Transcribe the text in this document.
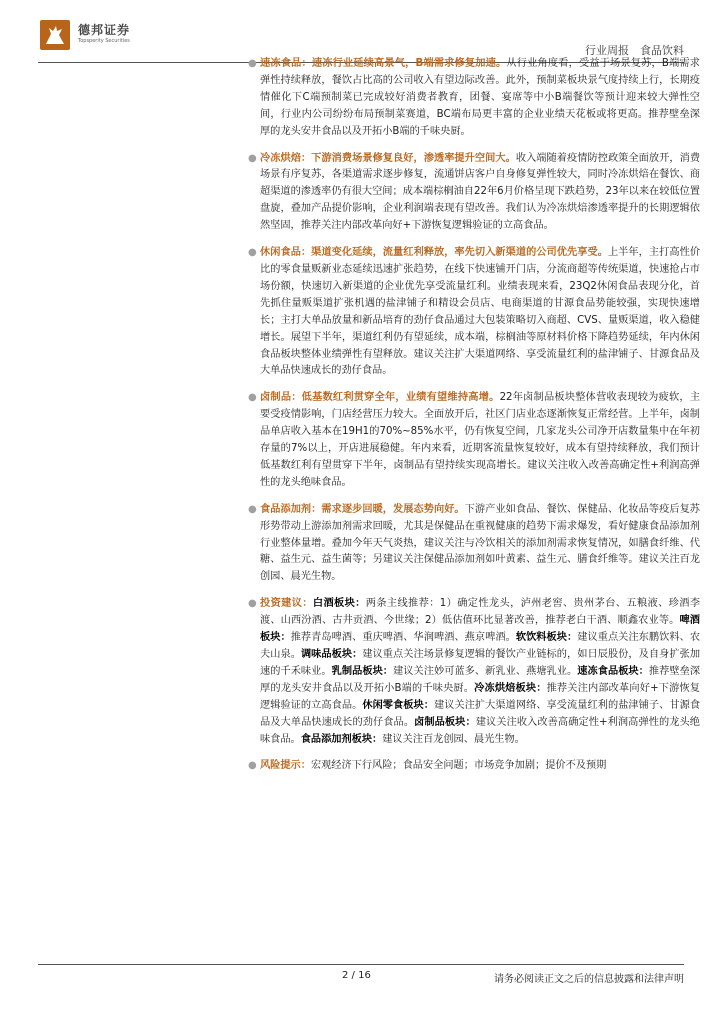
德邦证券
Topsperity Securities
行业周报　食品饮料
● 速冻食品：速冻行业延续高景气，B端需求修复加速。从行业角度看，受益于场景复苏，B端需求弹性持续释放，餐饮占比高的公司收入有望边际改善。此外，预制菜板块景气度持续上行，长期疫情催化下C端预制菜已完成较好消费者教育，团餐、宴席等中小B端餐饮等预计迎来较大弹性空间，行业内公司纷纷布局预制菜赛道，BC端布局更丰富的企业业绩天花板或将更高。推荐壁垒深厚的龙头安井食品以及开拓小B端的千味央厨。
● 冷冻烘焙：下游消费场景修复良好，渗透率提升空间大。收入端随着疫情防控政策全面放开，消费场景有序复苏，各渠道需求逐步修复，流通饼店客户自身修复弹性较大，同时冷冻烘焙在餐饮、商超渠道的渗透率仍有很大空间；成本端棕榈油自22年6月价格呈现下跌趋势，23年以来在较低位置盘旋，叠加产品提价影响，企业利润端表现有望改善。我们认为冷冻烘焙渗透率提升的长期逻辑依然坚固，推荐关注内部改革向好+下游恢复逻辑验证的立高食品。
● 休闲食品：渠道变化延续，流量红利释放，率先切入新渠道的公司优先享受。上半年，主打高性价比的零食量贩新业态延续迅速扩张趋势，在线下快速铺开门店，分流商超等传统渠道，快速抢占市场份额，快速切入新渠道的企业优先享受流量红利。业绩表现来看，23Q2休闲食品表现分化，首先抓住量贩渠道扩张机遇的盐津铺子和精设会员店、电商渠道的甘源食品势能较强，实现快速增长；主打大单品放量和新品培育的劲仔食品通过大包装策略切入商超、CVS、量贩渠道，收入稳健增长。展望下半年，渠道红利仍有望延续，成本端，棕榈油等原材料价格下降趋势延续，年内休闲食品板块整体业绩弹性有望释放。建议关注扩大渠道网络、享受流量红利的盐津铺子、甘源食品及大单品快速成长的劲仔食品。
● 卤制品：低基数红利贯穿全年，业绩有望维持高增。22年卤制品板块整体营收表现较为疲软，主要受疫情影响，门店经营压力较大。全面放开后，社区门店业态逐渐恢复正常经营。上半年，卤制品单店收入基本在19H1的70%~85%水平，仍有恢复空间，几家龙头公司净开店数量集中在年初存量的7%以上，开店进展稳健。年内来看，近期客流量恢复较好，成本有望持续释放，我们预计低基数红利有望贯穿下半年，卤制品有望持续实现高增长。建议关注收入改善高确定性+利润高弹性的龙头绝味食品。
● 食品添加剂：需求逐步回暖，发展态势向好。下游产业如食品、餐饮、保健品、化妆品等疫后复苏形势带动上游添加剂需求回暖，尤其是保健品在重视健康的趋势下需求爆发，看好健康食品添加剂行业整体量增。叠加今年天气炎热，建议关注与冷饮相关的添加剂需求恢复情况，如膳食纤维、代糖、益生元、益生菌等；另建议关注保健品添加剂如叶黄素、益生元、膳食纤维等。建议关注百龙创园、晨光生物。
● 投资建议：白酒板块：两条主线推荐：1）确定性龙头，泸州老窖、贵州茅台、五粮液、珍酒李渡、山西汾酒、古井贡酒、今世缘；2）低估值环比显著改善，推荐老白干酒、顺鑫农业等。啤酒板块：推荐青岛啤酒、重庆啤酒、华润啤酒、燕京啤酒。软饮料板块：建议重点关注东鹏饮料、农夫山泉。调味品板块：建议重点关注场景修复逻辑的餐饮产业链标的，如日辰股份，及自身扩张加速的千禾味业。乳制品板块：建议关注妙可蓝多、新乳业、燕塘乳业。速冻食品板块：推荐壁垒深厚的龙头安井食品以及开拓小B端的千味央厨。冷冻烘焙板块：推荐关注内部改革向好+下游恢复逻辑验证的立高食品。休闲零食板块：建议关注扩大渠道网络、享受流量红利的盐津铺子、甘源食品及大单品快速成长的劲仔食品。卤制品板块：建议关注收入改善高确定性+利润高弹性的龙头绝味食品。食品添加剂板块：建议关注百龙创园、晨光生物。
● 风险提示：宏观经济下行风险；食品安全问题；市场竞争加剧；提价不及预期
2 / 16	请务必阅读正文之后的信息披露和法律声明
